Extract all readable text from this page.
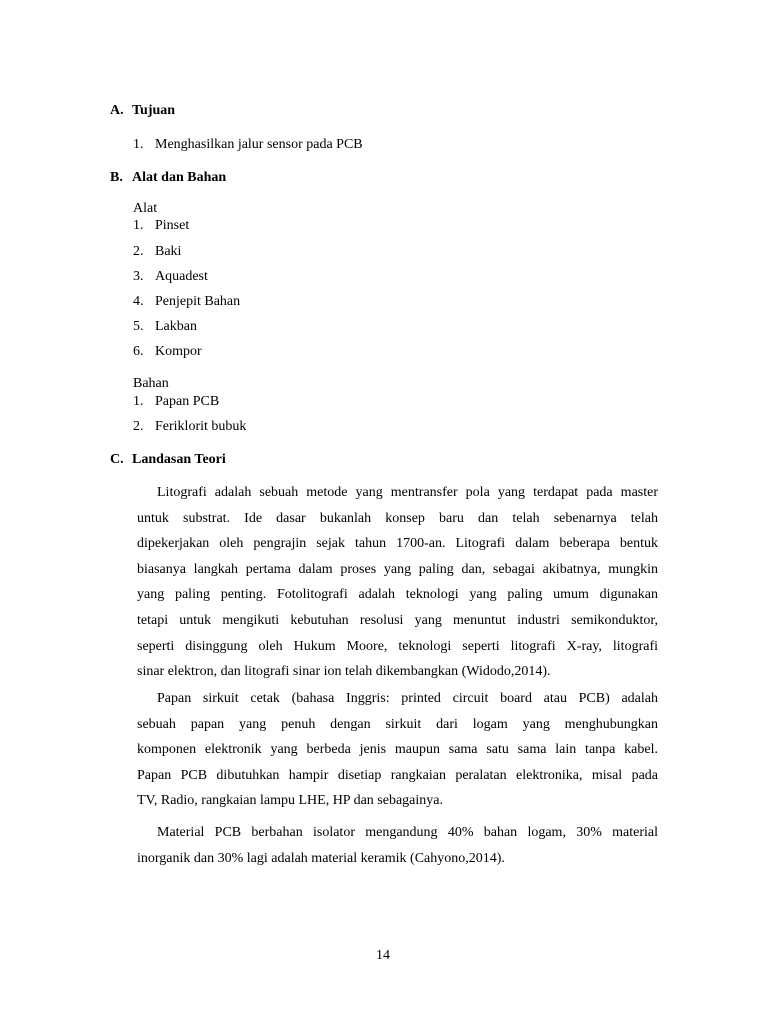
A. Tujuan
1. Menghasilkan jalur sensor pada PCB
B. Alat dan Bahan
Alat
1. Pinset
2. Baki
3. Aquadest
4. Penjepit Bahan
5. Lakban
6. Kompor
Bahan
1. Papan PCB
2. Feriklorit bubuk
C. Landasan Teori
Litografi adalah sebuah metode yang mentransfer pola yang terdapat pada master
untuk substrat. Ide dasar bukanlah konsep baru dan telah sebenarnya telah
dipekerjakan oleh pengrajin sejak tahun 1700-an. Litografi dalam beberapa bentuk
biasanya langkah pertama dalam proses yang paling dan, sebagai akibatnya, mungkin
yang paling penting. Fotolitografi adalah teknologi yang paling umum digunakan
tetapi untuk mengikuti kebutuhan resolusi yang menuntut industri semikonduktor,
seperti disinggung oleh Hukum Moore, teknologi seperti litografi X-ray, litografi
sinar elektron, dan litografi sinar ion telah dikembangkan (Widodo,2014).
Papan sirkuit cetak (bahasa Inggris: printed circuit board atau PCB) adalah
sebuah papan yang penuh dengan sirkuit dari logam yang menghubungkan
komponen elektronik yang berbeda jenis maupun sama satu sama lain tanpa kabel.
Papan PCB dibutuhkan hampir disetiap rangkaian peralatan elektronika, misal pada
TV, Radio, rangkaian lampu LHE, HP dan sebagainya.
Material PCB berbahan isolator mengandung 40% bahan logam, 30% material
inorganik dan 30% lagi adalah material keramik (Cahyono,2014).
14
